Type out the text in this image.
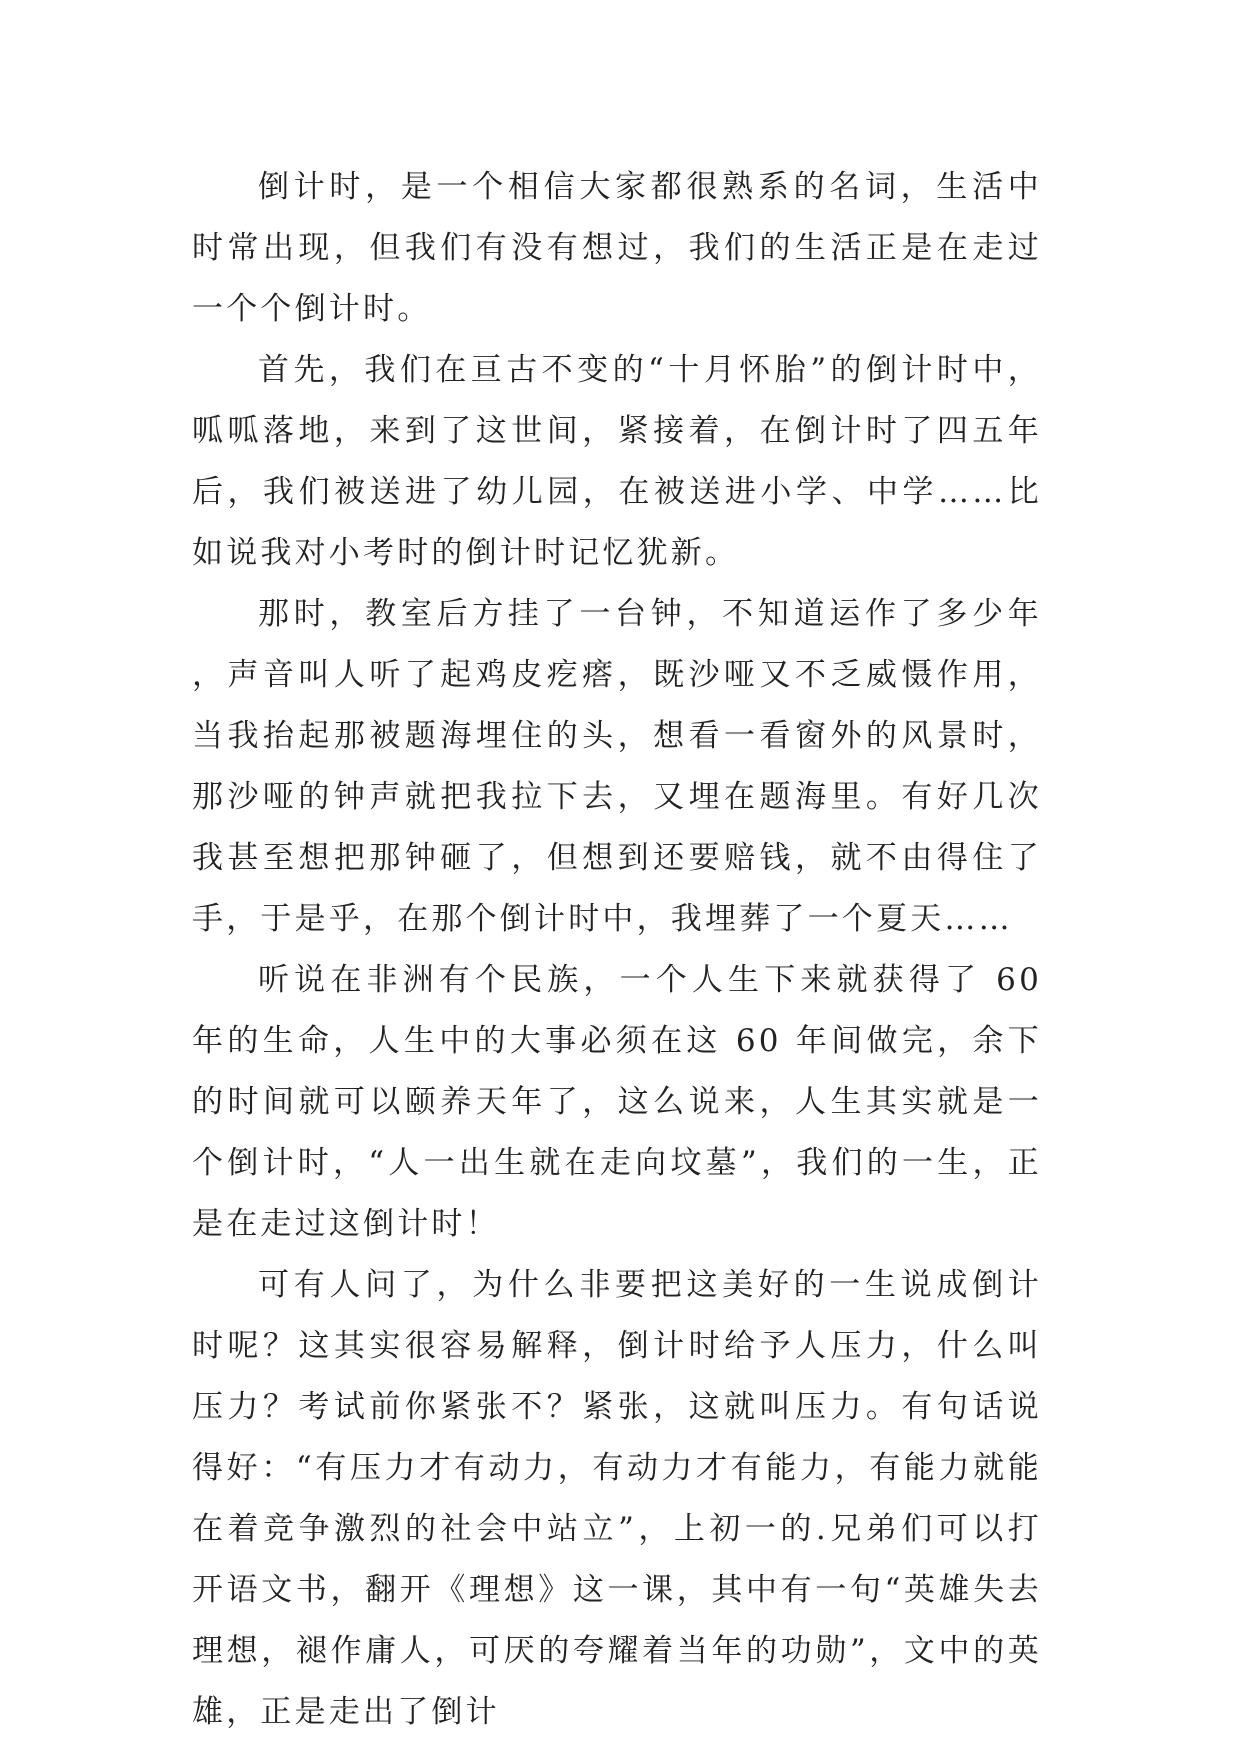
倒计时，是一个相信大家都很熟系的名词，生活中时常出现，但我们有没有想过，我们的生活正是在走过一个个倒计时。

首先，我们在亘古不变的“十月怀胎”的倒计时中，呱呱落地，来到了这世间，紧接着，在倒计时了四五年后，我们被送进了幼儿园，在被送进小学、中学……比如说我对小考时的倒计时记忆犹新。

那时，教室后方挂了一台钟，不知道运作了多少年，声音叫人听了起鸡皮疙瘩，既沙哑又不乏威慑作用，当我抬起那被题海埋住的头，想看一看窗外的风景时，那沙哑的钟声就把我拉下去，又埋在题海里。有好几次我甚至想把那钟砸了，但想到还要赔钱，就不由得住了手，于是乎，在那个倒计时中，我埋葬了一个夏天……

听说在非洲有个民族，一个人生下来就获得了 60 年的生命，人生中的大事必须在这 60 年间做完，余下的时间就可以颐养天年了，这么说来，人生其实就是一个倒计时，“人一出生就在走向坟墓”，我们的一生，正是在走过这倒计时！

可有人问了，为什么非要把这美好的一生说成倒计时呢？这其实很容易解释，倒计时给予人压力，什么叫压力？考试前你紧张不？紧张，这就叫压力。有句话说得好：“有压力才有动力，有动力才有能力，有能力就能在着竞争激烈的社会中站立”，上初一的.兄弟们可以打开语文书，翻开《理想》这一课，其中有一句“英雄失去理想，褪作庸人，可厌的夸耀着当年的功勋”，文中的英雄，正是走出了倒计
